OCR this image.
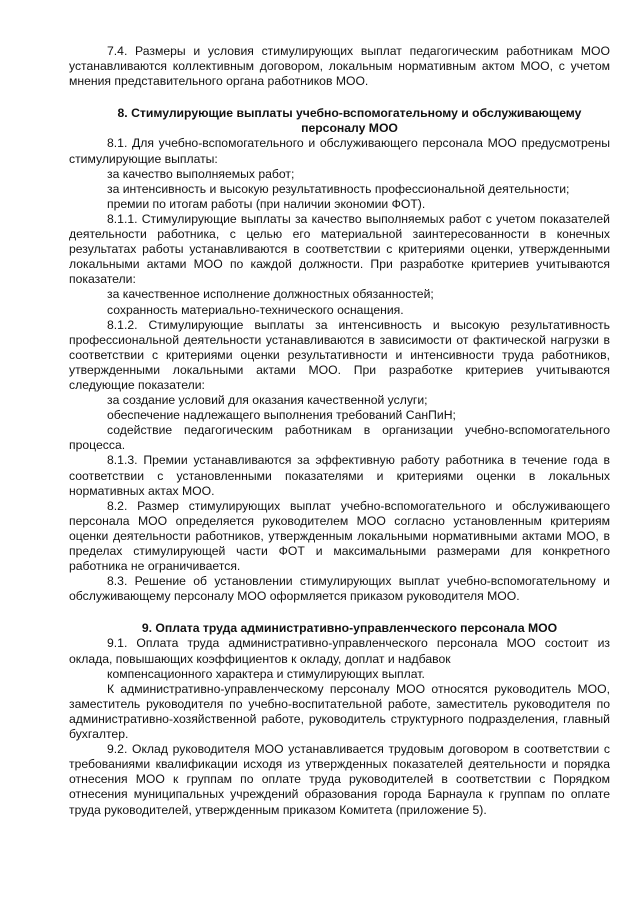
7.4. Размеры и условия стимулирующих выплат педагогическим работникам МОО устанавливаются коллективным договором, локальным нормативным актом МОО, с учетом мнения представительного органа работников МОО.

8. Стимулирующие выплаты учебно-вспомогательному и обслуживающему персоналу МОО

8.1. Для учебно-вспомогательного и обслуживающего персонала МОО предусмотрены стимулирующие выплаты:

за качество выполняемых работ;

за интенсивность и высокую результативность профессиональной деятельности;

премии по итогам работы (при наличии экономии ФОТ).

8.1.1. Стимулирующие выплаты за качество выполняемых работ с учетом показателей деятельности работника, с целью его материальной заинтересованности в конечных результатах работы устанавливаются в соответствии с критериями оценки, утвержденными локальными актами МОО по каждой должности. При разработке критериев учитываются показатели:

за качественное исполнение должностных обязанностей;

сохранность материально-технического оснащения.

8.1.2. Стимулирующие выплаты за интенсивность и высокую результативность профессиональной деятельности устанавливаются в зависимости от фактической нагрузки в соответствии с критериями оценки результативности и интенсивности труда работников, утвержденными локальными актами МОО. При разработке критериев учитываются следующие показатели:

за создание условий для оказания качественной услуги;

обеспечение надлежащего выполнения требований СанПиН;

содействие педагогическим работникам в организации учебно-вспомогательного процесса.

8.1.3. Премии устанавливаются за эффективную работу работника в течение года в соответствии с установленными показателями и критериями оценки в локальных нормативных актах МОО.

8.2. Размер стимулирующих выплат учебно-вспомогательного и обслуживающего персонала МОО определяется руководителем МОО согласно установленным критериям оценки деятельности работников, утвержденным локальными нормативными актами МОО, в пределах стимулирующей части ФОТ и максимальными размерами для конкретного работника не ограничивается.

8.3. Решение об установлении стимулирующих выплат учебно-вспомогательному и обслуживающему персоналу МОО оформляется приказом руководителя МОО.

9. Оплата труда административно-управленческого персонала МОО

9.1. Оплата труда административно-управленческого персонала МОО состоит из оклада, повышающих коэффициентов к окладу, доплат и надбавок

компенсационного характера и стимулирующих выплат.

К административно-управленческому персоналу МОО относятся руководитель МОО, заместитель руководителя по учебно-воспитательной работе, заместитель руководителя по административно-хозяйственной работе, руководитель структурного подразделения, главный бухгалтер.

9.2. Оклад руководителя МОО устанавливается трудовым договором в соответствии с требованиями квалификации исходя из утвержденных показателей деятельности и порядка отнесения МОО к группам по оплате труда руководителей в соответствии с Порядком отнесения муниципальных учреждений образования города Барнаула к группам по оплате труда руководителей, утвержденным приказом Комитета (приложение 5).
